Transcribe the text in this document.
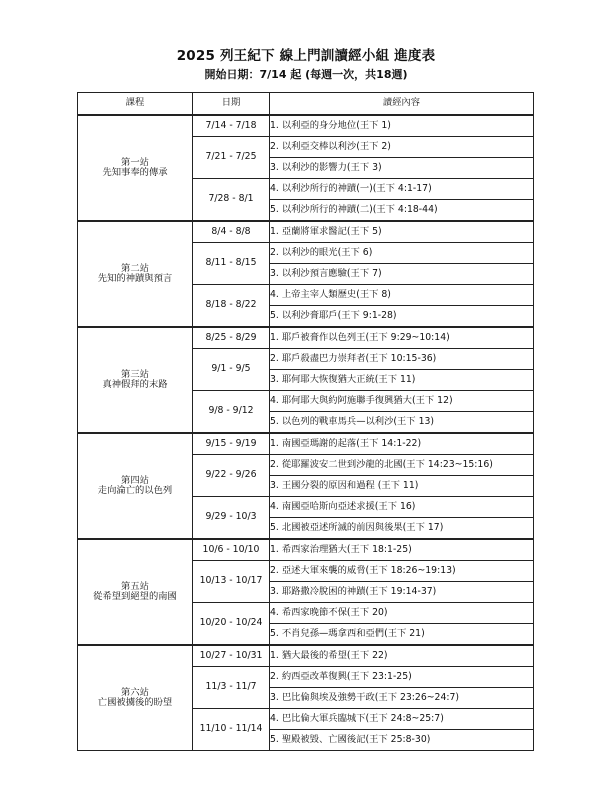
2025 列王紀下 線上門訓讀經小組 進度表
開始日期：7/14 起 (每週一次，共18週)
課程	日期	讀經內容

第一站
先知事奉的傳承	7/14 - 7/18	1. 以利亞的身分地位(王下 1)
	7/21 - 7/25	2. 以利亞交棒以利沙(王下 2)
		3. 以利沙的影響力(王下 3)
	7/28 - 8/1	4. 以利沙所行的神蹟(一)(王下 4:1-17)
		5. 以利沙所行的神蹟(二)(王下 4:18-44)

第二站
先知的神蹟與預言	8/4 - 8/8	1. 亞蘭將軍求醫記(王下 5)
	8/11 - 8/15	2. 以利沙的眼光(王下 6)
		3. 以利沙預言應驗(王下 7)
	8/18 - 8/22	4. 上帝主宰人類歷史(王下 8)
		5. 以利沙膏耶戶(王下 9:1-28)

第三站
真神假拜的末路	8/25 - 8/29	1. 耶戶被膏作以色列王(王下 9:29~10:14)
	9/1 - 9/5	2. 耶戶殺盡巴力崇拜者(王下 10:15-36)
		3. 耶何耶大恢復猶大正統(王下 11)
	9/8 - 9/12	4. 耶何耶大與約阿施聯手復興猶大(王下 12)
		5. 以色列的戰車馬兵—以利沙(王下 13)

第四站
走向淪亡的以色列	9/15 - 9/19	1. 南國亞瑪謝的起落(王下 14:1-22)
	9/22 - 9/26	2. 從耶羅波安二世到沙龍的北國(王下 14:23~15:16)
		3. 王國分裂的原因和過程 (王下 11)
	9/29 - 10/3	4. 南國亞哈斯向亞述求援(王下 16)
		5. 北國被亞述所滅的前因與後果(王下 17)

第五站
從希望到絕望的南國	10/6 - 10/10	1. 希西家治理猶大(王下 18:1-25)
	10/13 - 10/17	2. 亞述大軍來襲的威脅(王下 18:26~19:13)
		3. 耶路撒冷脫困的神蹟(王下 19:14-37)
	10/20 - 10/24	4. 希西家晚節不保(王下 20)
		5. 不肖兒孫—瑪拿西和亞們(王下 21)

第六站
亡國被擄後的盼望	10/27 - 10/31	1. 猶大最後的希望(王下 22)
	11/3 - 11/7	2. 約西亞改革復興(王下 23:1-25)
		3. 巴比倫與埃及強勢干政(王下 23:26~24:7)
	11/10 - 11/14	4. 巴比倫大軍兵臨城下(王下 24:8~25:7)
		5. 聖殿被毀、亡國後記(王下 25:8-30)
